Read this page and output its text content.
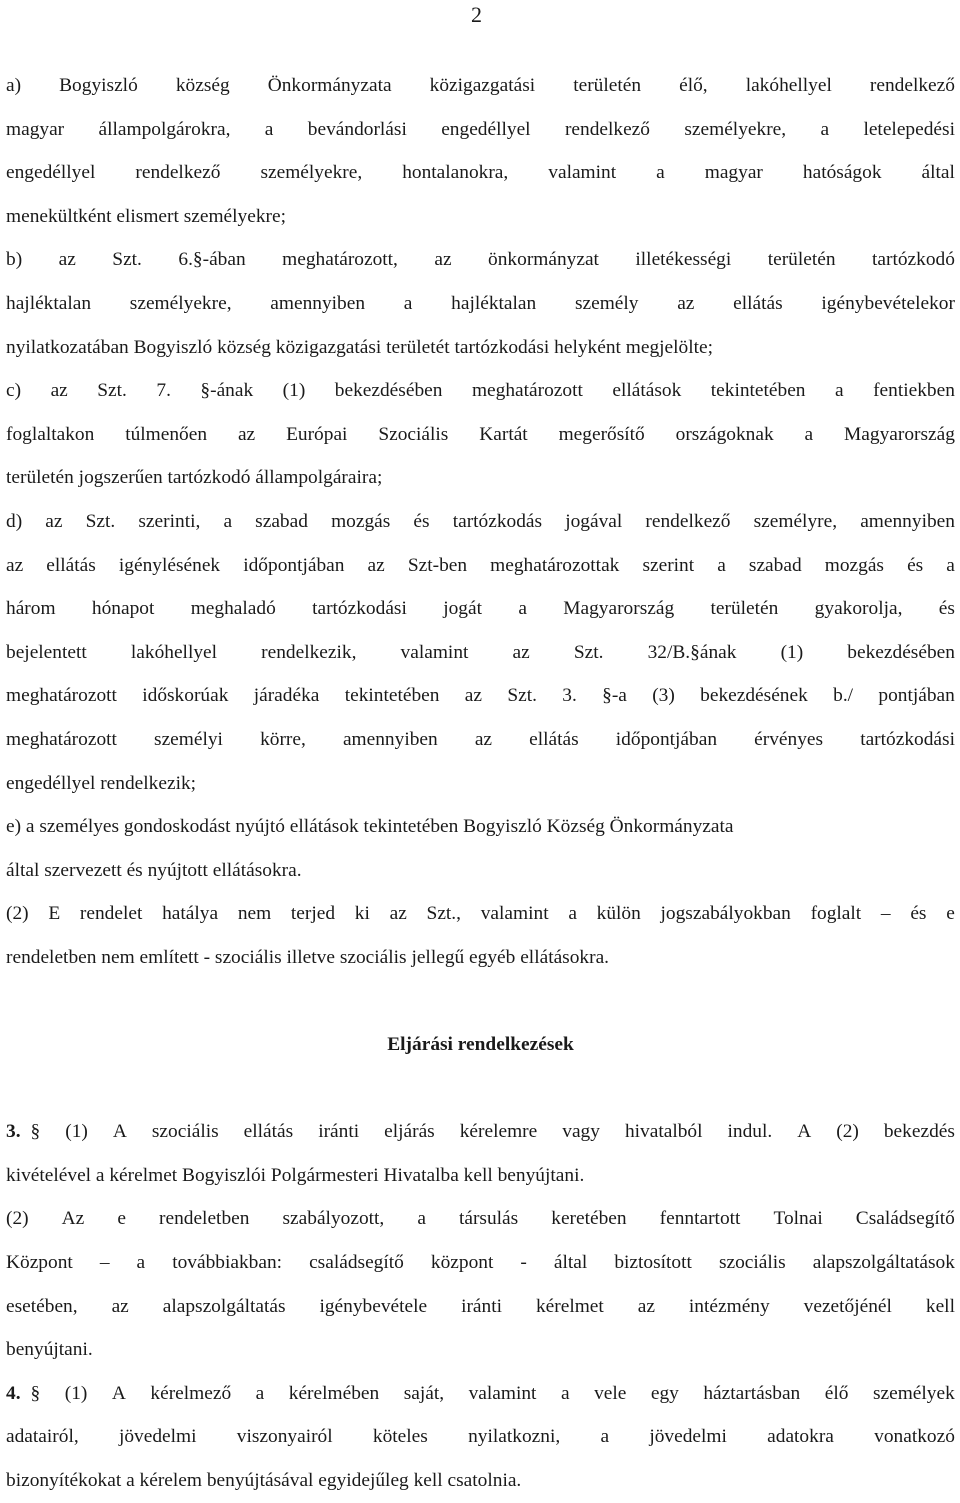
2
a) Bogyiszló község Önkormányzata közigazgatási területén élő, lakóhellyel rendelkező
magyar állampolgárokra, a bevándorlási engedéllyel rendelkező személyekre, a letelepedési
engedéllyel rendelkező személyekre, hontalanokra, valamint a magyar hatóságok által
menekültként elismert személyekre;
b) az Szt. 6.§-ában meghatározott, az önkormányzat illetékességi területén tartózkodó
hajléktalan személyekre, amennyiben a hajléktalan személy az ellátás igénybevételekor
nyilatkozatában Bogyiszló község közigazgatási területét tartózkodási helyként megjelölte;
c) az Szt. 7. §-ának (1) bekezdésében meghatározott ellátások tekintetében a fentiekben
foglaltakon túlmenően az Európai Szociális Kartát megerősítő országoknak a Magyarország
területén jogszerűen tartózkodó állampolgáraira;
d) az Szt. szerinti, a szabad mozgás és tartózkodás jogával rendelkező személyre, amennyiben
az ellátás igénylésének időpontjában az Szt-ben meghatározottak szerint a szabad mozgás és a
három hónapot meghaladó tartózkodási jogát a Magyarország területén gyakorolja, és
bejelentett lakóhellyel rendelkezik, valamint az Szt. 32/B.§ának (1) bekezdésében
meghatározott időskorúak járadéka tekintetében az Szt. 3. §-a (3) bekezdésének b./ pontjában
meghatározott személyi körre, amennyiben az ellátás időpontjában érvényes tartózkodási
engedéllyel rendelkezik;
e) a személyes gondoskodást nyújtó ellátások tekintetében Bogyiszló Község Önkormányzata
által szervezett és nyújtott ellátásokra.
(2) E rendelet hatálya nem terjed ki az Szt., valamint a külön jogszabályokban foglalt – és e
rendeletben nem említett - szociális illetve szociális jellegű egyéb ellátásokra.
Eljárási rendelkezések
3. § (1) A szociális ellátás iránti eljárás kérelemre vagy hivatalból indul. A (2) bekezdés
kivételével a kérelmet Bogyiszlói Polgármesteri Hivatalba kell benyújtani.
(2) Az e rendeletben szabályozott, a társulás keretében fenntartott Tolnai Családsegítő
Központ – a továbbiakban: családsegítő központ - által biztosított szociális alapszolgáltatások
esetében, az alapszolgáltatás igénybevétele iránti kérelmet az intézmény vezetőjénél kell
benyújtani.
4. § (1) A kérelmező a kérelmében saját, valamint a vele egy háztartásban élő személyek
adatairól, jövedelmi viszonyairól köteles nyilatkozni, a jövedelmi adatokra vonatkozó
bizonyítékokat a kérelem benyújtásával egyidejűleg kell csatolnia.
